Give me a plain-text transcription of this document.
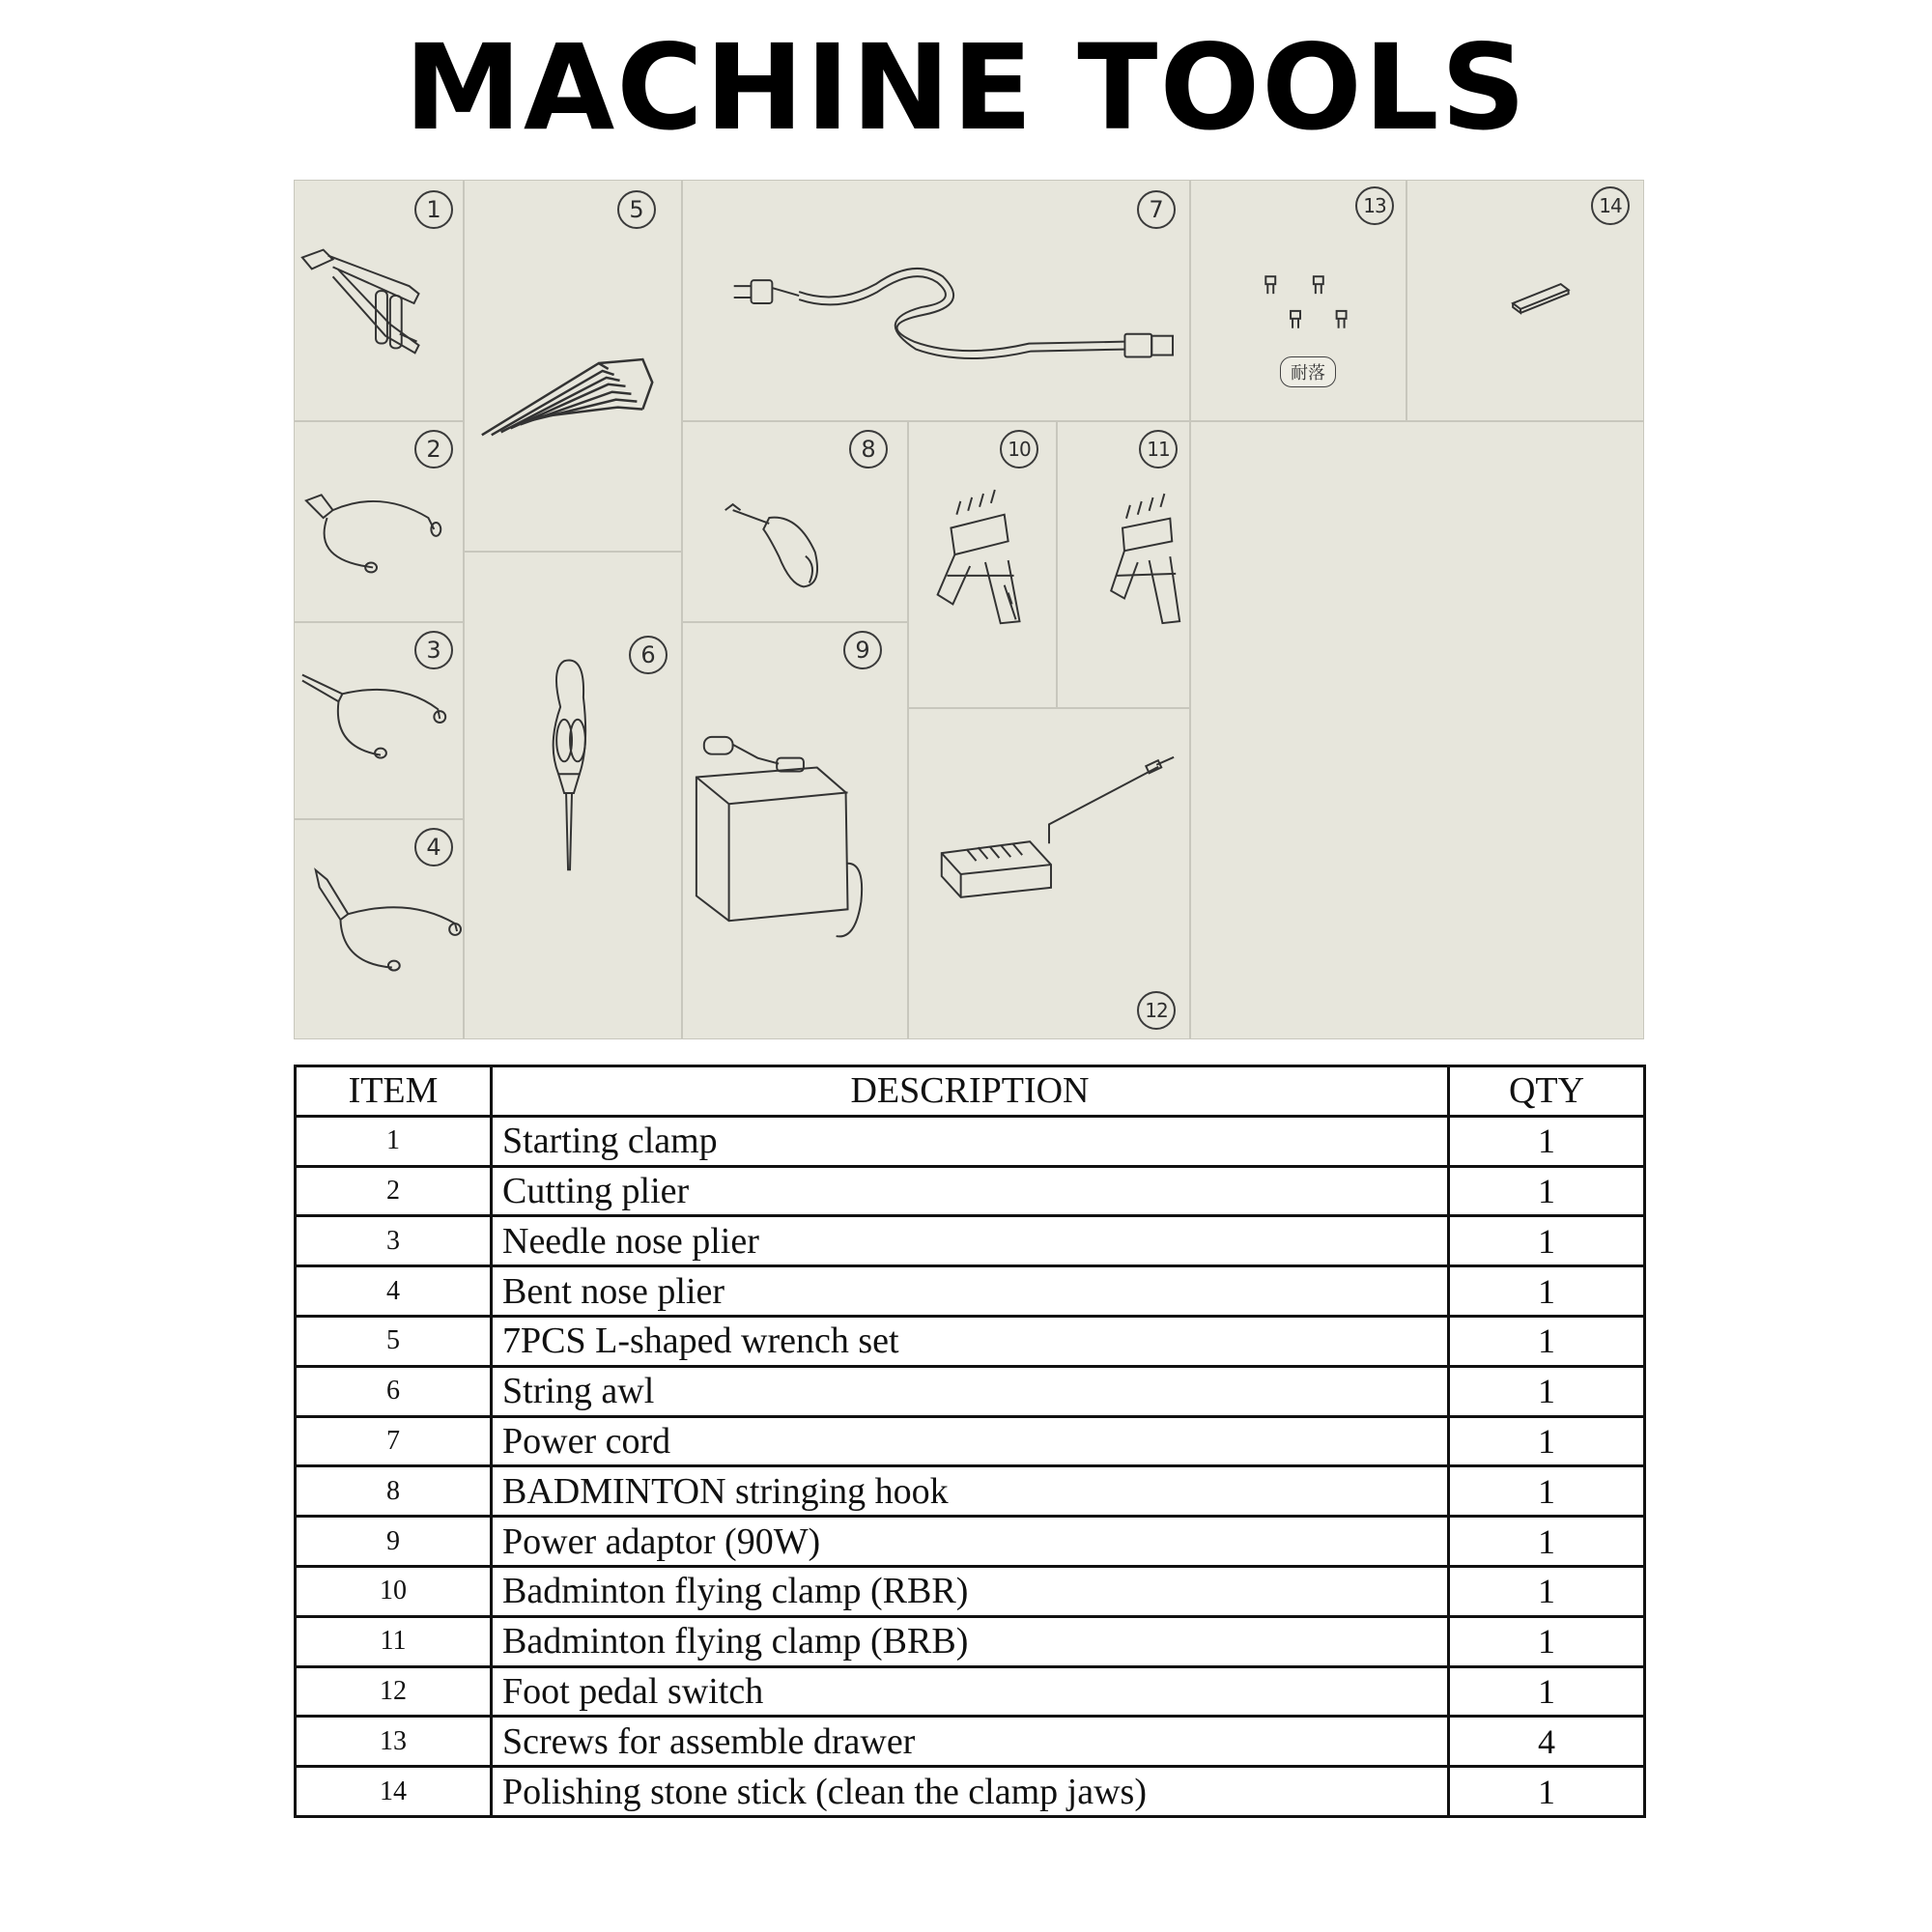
MACHINE TOOLS
1
2
3
4
5
6
7
8
9
10	11
12
13
耐落
14
ITEM	DESCRIPTION	QTY
1	Starting clamp	1
2	Cutting plier	1
3	Needle nose plier	1
4	Bent nose plier	1
5	7PCS L-shaped wrench set	1
6	String awl	1
7	Power cord	1
8	BADMINTON stringing hook	1
9	Power adaptor (90W)	1
10	Badminton flying clamp (RBR)	1
11	Badminton flying clamp (BRB)	1
12	Foot pedal switch	1
13	Screws for assemble drawer	4
14	Polishing stone stick (clean the clamp jaws)	1
